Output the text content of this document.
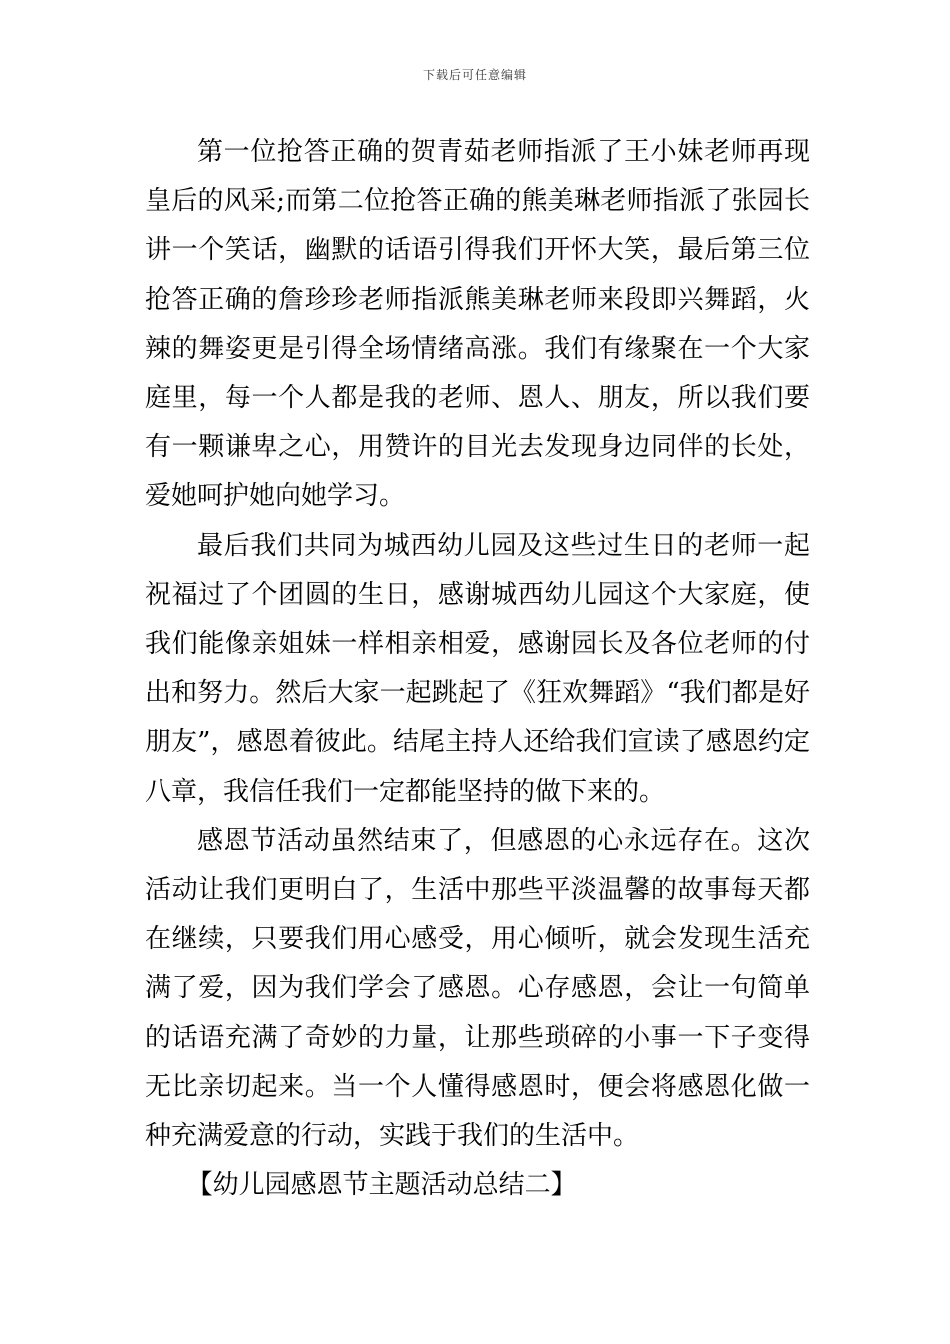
下载后可任意编辑

第一位抢答正确的贺青茹老师指派了王小妹老师再现皇后的风采;而第二位抢答正确的熊美琳老师指派了张园长讲一个笑话，幽默的话语引得我们开怀大笑，最后第三位抢答正确的詹珍珍老师指派熊美琳老师来段即兴舞蹈，火辣的舞姿更是引得全场情绪高涨。我们有缘聚在一个大家庭里，每一个人都是我的老师、恩人、朋友，所以我们要有一颗谦卑之心，用赞许的目光去发现身边同伴的长处，爱她呵护她向她学习。

最后我们共同为城西幼儿园及这些过生日的老师一起祝福过了个团圆的生日，感谢城西幼儿园这个大家庭，使我们能像亲姐妹一样相亲相爱，感谢园长及各位老师的付出和努力。然后大家一起跳起了《狂欢舞蹈》“我们都是好朋友”，感恩着彼此。结尾主持人还给我们宣读了感恩约定八章，我信任我们一定都能坚持的做下来的。

感恩节活动虽然结束了，但感恩的心永远存在。这次活动让我们更明白了，生活中那些平淡温馨的故事每天都在继续，只要我们用心感受，用心倾听，就会发现生活充满了爱，因为我们学会了感恩。心存感恩，会让一句简单的话语充满了奇妙的力量，让那些琐碎的小事一下子变得无比亲切起来。当一个人懂得感恩时，便会将感恩化做一种充满爱意的行动，实践于我们的生活中。

【幼儿园感恩节主题活动总结二】
